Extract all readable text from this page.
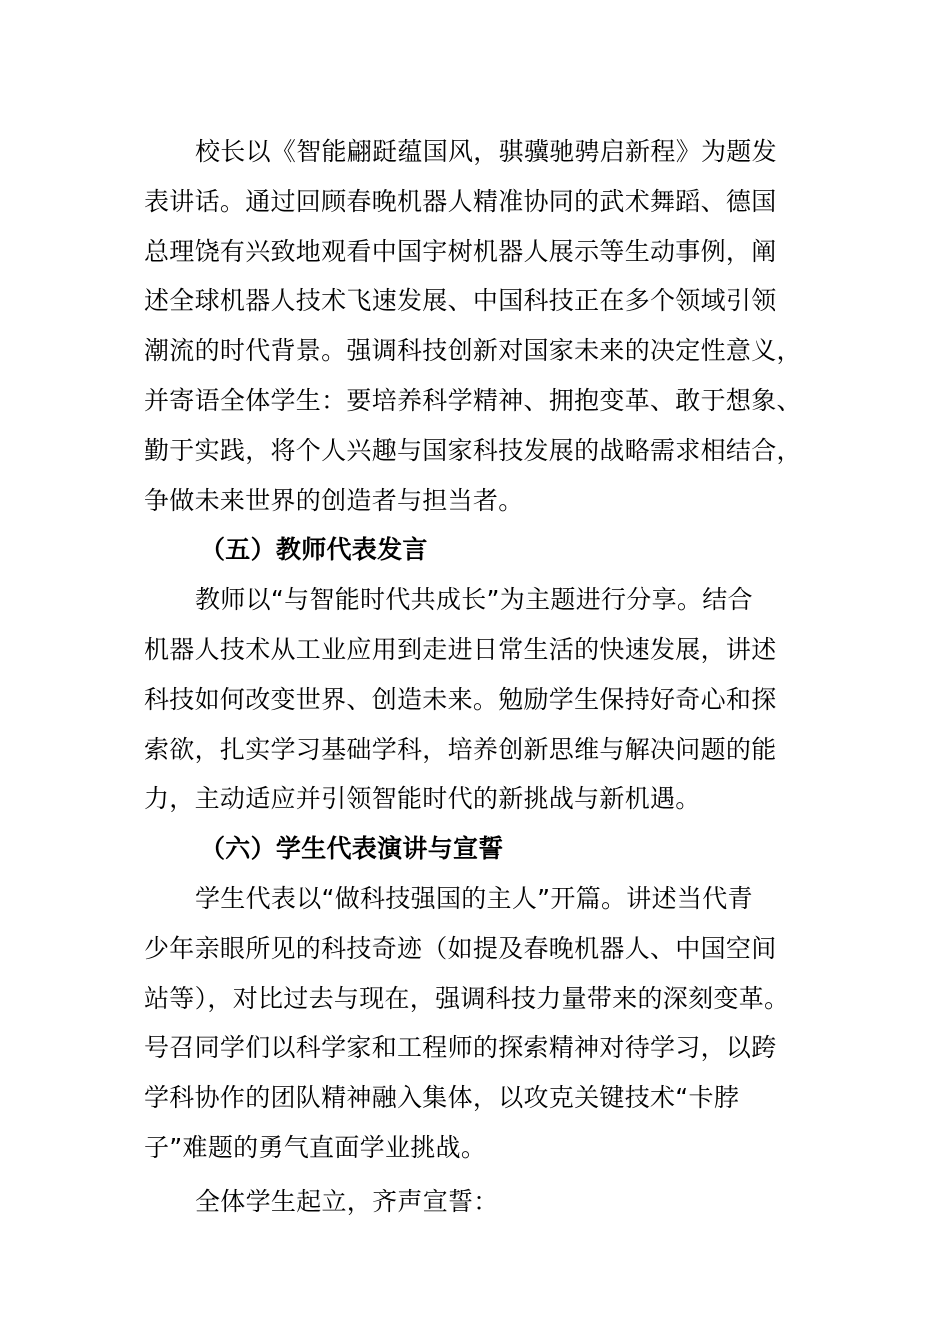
校长以《智能翩跹蕴国风，骐骥驰骋启新程》为题发
表讲话。通过回顾春晚机器人精准协同的武术舞蹈、德国
总理饶有兴致地观看中国宇树机器人展示等生动事例，阐
述全球机器人技术飞速发展、中国科技正在多个领域引领
潮流的时代背景。强调科技创新对国家未来的决定性意义，
并寄语全体学生：要培养科学精神、拥抱变革、敢于想象、
勤于实践，将个人兴趣与国家科技发展的战略需求相结合，
争做未来世界的创造者与担当者。

（五）教师代表发言

教师以“与智能时代共成长”为主题进行分享。结合
机器人技术从工业应用到走进日常生活的快速发展，讲述
科技如何改变世界、创造未来。勉励学生保持好奇心和探
索欲，扎实学习基础学科，培养创新思维与解决问题的能
力，主动适应并引领智能时代的新挑战与新机遇。

（六）学生代表演讲与宣誓

学生代表以“做科技强国的主人”开篇。讲述当代青
少年亲眼所见的科技奇迹（如提及春晚机器人、中国空间
站等），对比过去与现在，强调科技力量带来的深刻变革。
号召同学们以科学家和工程师的探索精神对待学习，以跨
学科协作的团队精神融入集体，以攻克关键技术“卡脖
子”难题的勇气直面学业挑战。

全体学生起立，齐声宣誓：
